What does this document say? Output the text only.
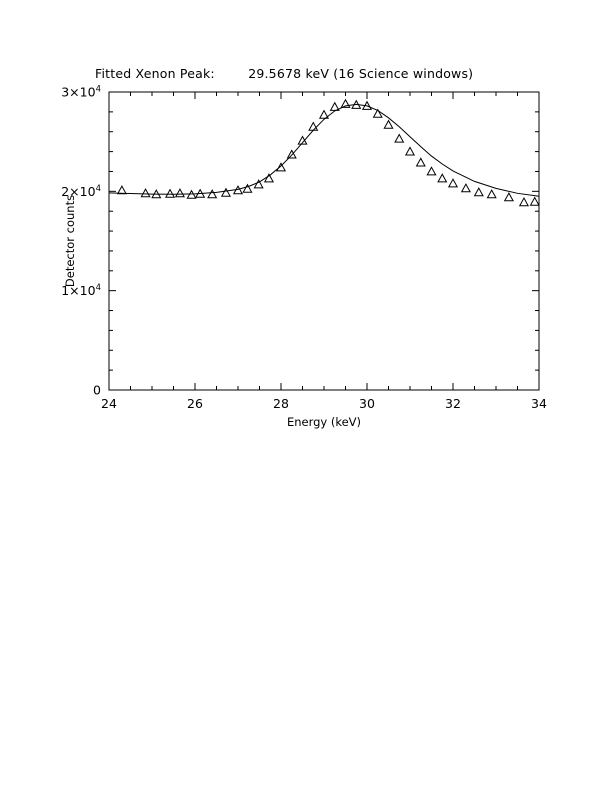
Fitted Xenon Peak:        29.5678 keV (16 Science windows)
24	26	28	30	32	34
0
$1\times 10^4$
$2\times 10^4$
$3\times 10^4$
Energy (keV)
Detector counts
